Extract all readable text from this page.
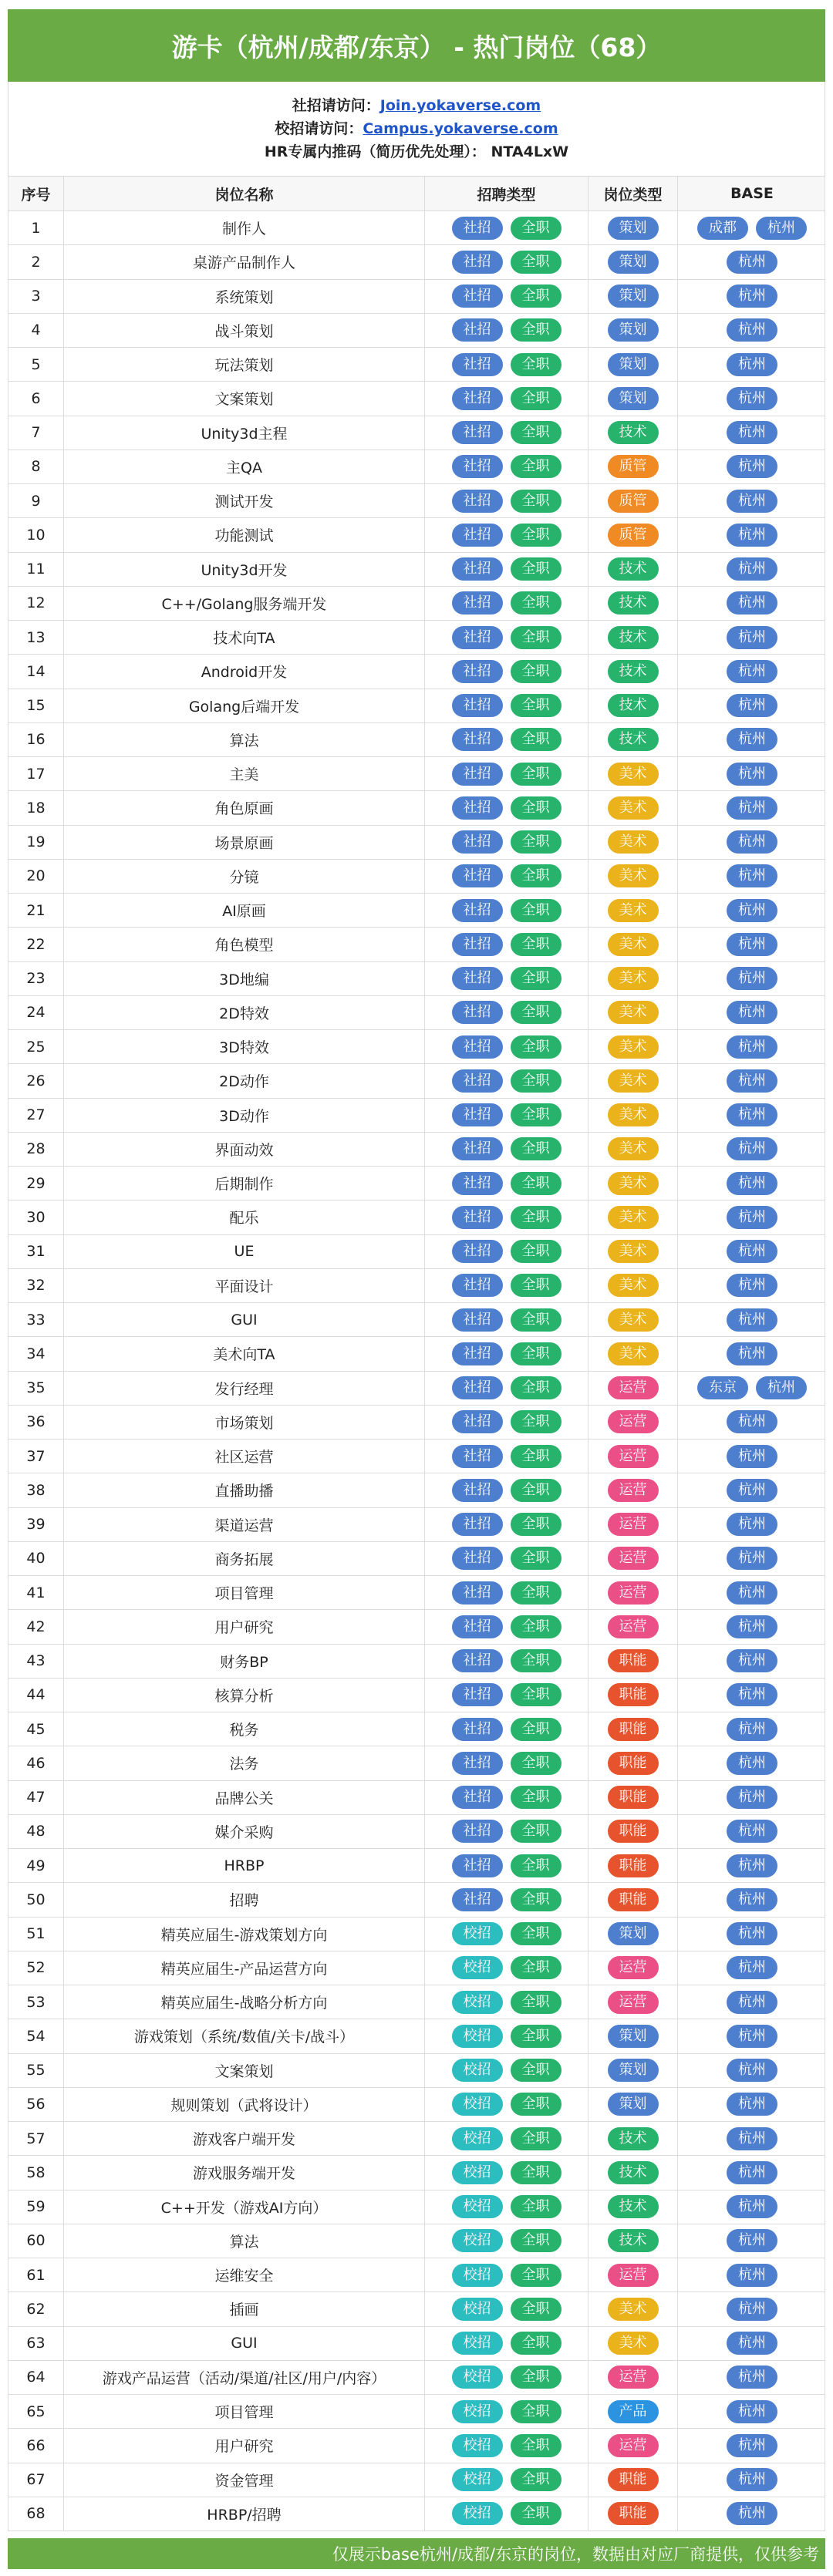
游卡（杭州/成都/东京） - 热门岗位（68）
社招请访问：Join.yokaverse.com
校招请访问：Campus.yokaverse.com
HR专属内推码（简历优先处理）： NTA4LxW
序号	岗位名称	招聘类型	岗位类型	BASE
1	制作人	社招	全职	策划	成都	杭州
2	桌游产品制作人	社招	全职	策划	杭州
3	系统策划	社招	全职	策划	杭州
4	战斗策划	社招	全职	策划	杭州
5	玩法策划	社招	全职	策划	杭州
6	文案策划	社招	全职	策划	杭州
7	Unity3d主程	社招	全职	技术	杭州
8	主QA	社招	全职	质管	杭州
9	测试开发	社招	全职	质管	杭州
10	功能测试	社招	全职	质管	杭州
11	Unity3d开发	社招	全职	技术	杭州
12	C++/Golang服务端开发	社招	全职	技术	杭州
13	技术向TA	社招	全职	技术	杭州
14	Android开发	社招	全职	技术	杭州
15	Golang后端开发	社招	全职	技术	杭州
16	算法	社招	全职	技术	杭州
17	主美	社招	全职	美术	杭州
18	角色原画	社招	全职	美术	杭州
19	场景原画	社招	全职	美术	杭州
20	分镜	社招	全职	美术	杭州
21	AI原画	社招	全职	美术	杭州
22	角色模型	社招	全职	美术	杭州
23	3D地编	社招	全职	美术	杭州
24	2D特效	社招	全职	美术	杭州
25	3D特效	社招	全职	美术	杭州
26	2D动作	社招	全职	美术	杭州
27	3D动作	社招	全职	美术	杭州
28	界面动效	社招	全职	美术	杭州
29	后期制作	社招	全职	美术	杭州
30	配乐	社招	全职	美术	杭州
31	UE	社招	全职	美术	杭州
32	平面设计	社招	全职	美术	杭州
33	GUI	社招	全职	美术	杭州
34	美术向TA	社招	全职	美术	杭州
35	发行经理	社招	全职	运营	东京	杭州
36	市场策划	社招	全职	运营	杭州
37	社区运营	社招	全职	运营	杭州
38	直播助播	社招	全职	运营	杭州
39	渠道运营	社招	全职	运营	杭州
40	商务拓展	社招	全职	运营	杭州
41	项目管理	社招	全职	运营	杭州
42	用户研究	社招	全职	运营	杭州
43	财务BP	社招	全职	职能	杭州
44	核算分析	社招	全职	职能	杭州
45	税务	社招	全职	职能	杭州
46	法务	社招	全职	职能	杭州
47	品牌公关	社招	全职	职能	杭州
48	媒介采购	社招	全职	职能	杭州
49	HRBP	社招	全职	职能	杭州
50	招聘	社招	全职	职能	杭州
51	精英应届生-游戏策划方向	校招	全职	策划	杭州
52	精英应届生-产品运营方向	校招	全职	运营	杭州
53	精英应届生-战略分析方向	校招	全职	运营	杭州
54	游戏策划（系统/数值/关卡/战斗）	校招	全职	策划	杭州
55	文案策划	校招	全职	策划	杭州
56	规则策划（武将设计）	校招	全职	策划	杭州
57	游戏客户端开发	校招	全职	技术	杭州
58	游戏服务端开发	校招	全职	技术	杭州
59	C++开发（游戏AI方向）	校招	全职	技术	杭州
60	算法	校招	全职	技术	杭州
61	运维安全	校招	全职	运营	杭州
62	插画	校招	全职	美术	杭州
63	GUI	校招	全职	美术	杭州
64	游戏产品运营（活动/渠道/社区/用户/内容）	校招	全职	运营	杭州
65	项目管理	校招	全职	产品	杭州
66	用户研究	校招	全职	运营	杭州
67	资金管理	校招	全职	职能	杭州
68	HRBP/招聘	校招	全职	职能	杭州
仅展示base杭州/成都/东京的岗位，数据由对应厂商提供，仅供参考
